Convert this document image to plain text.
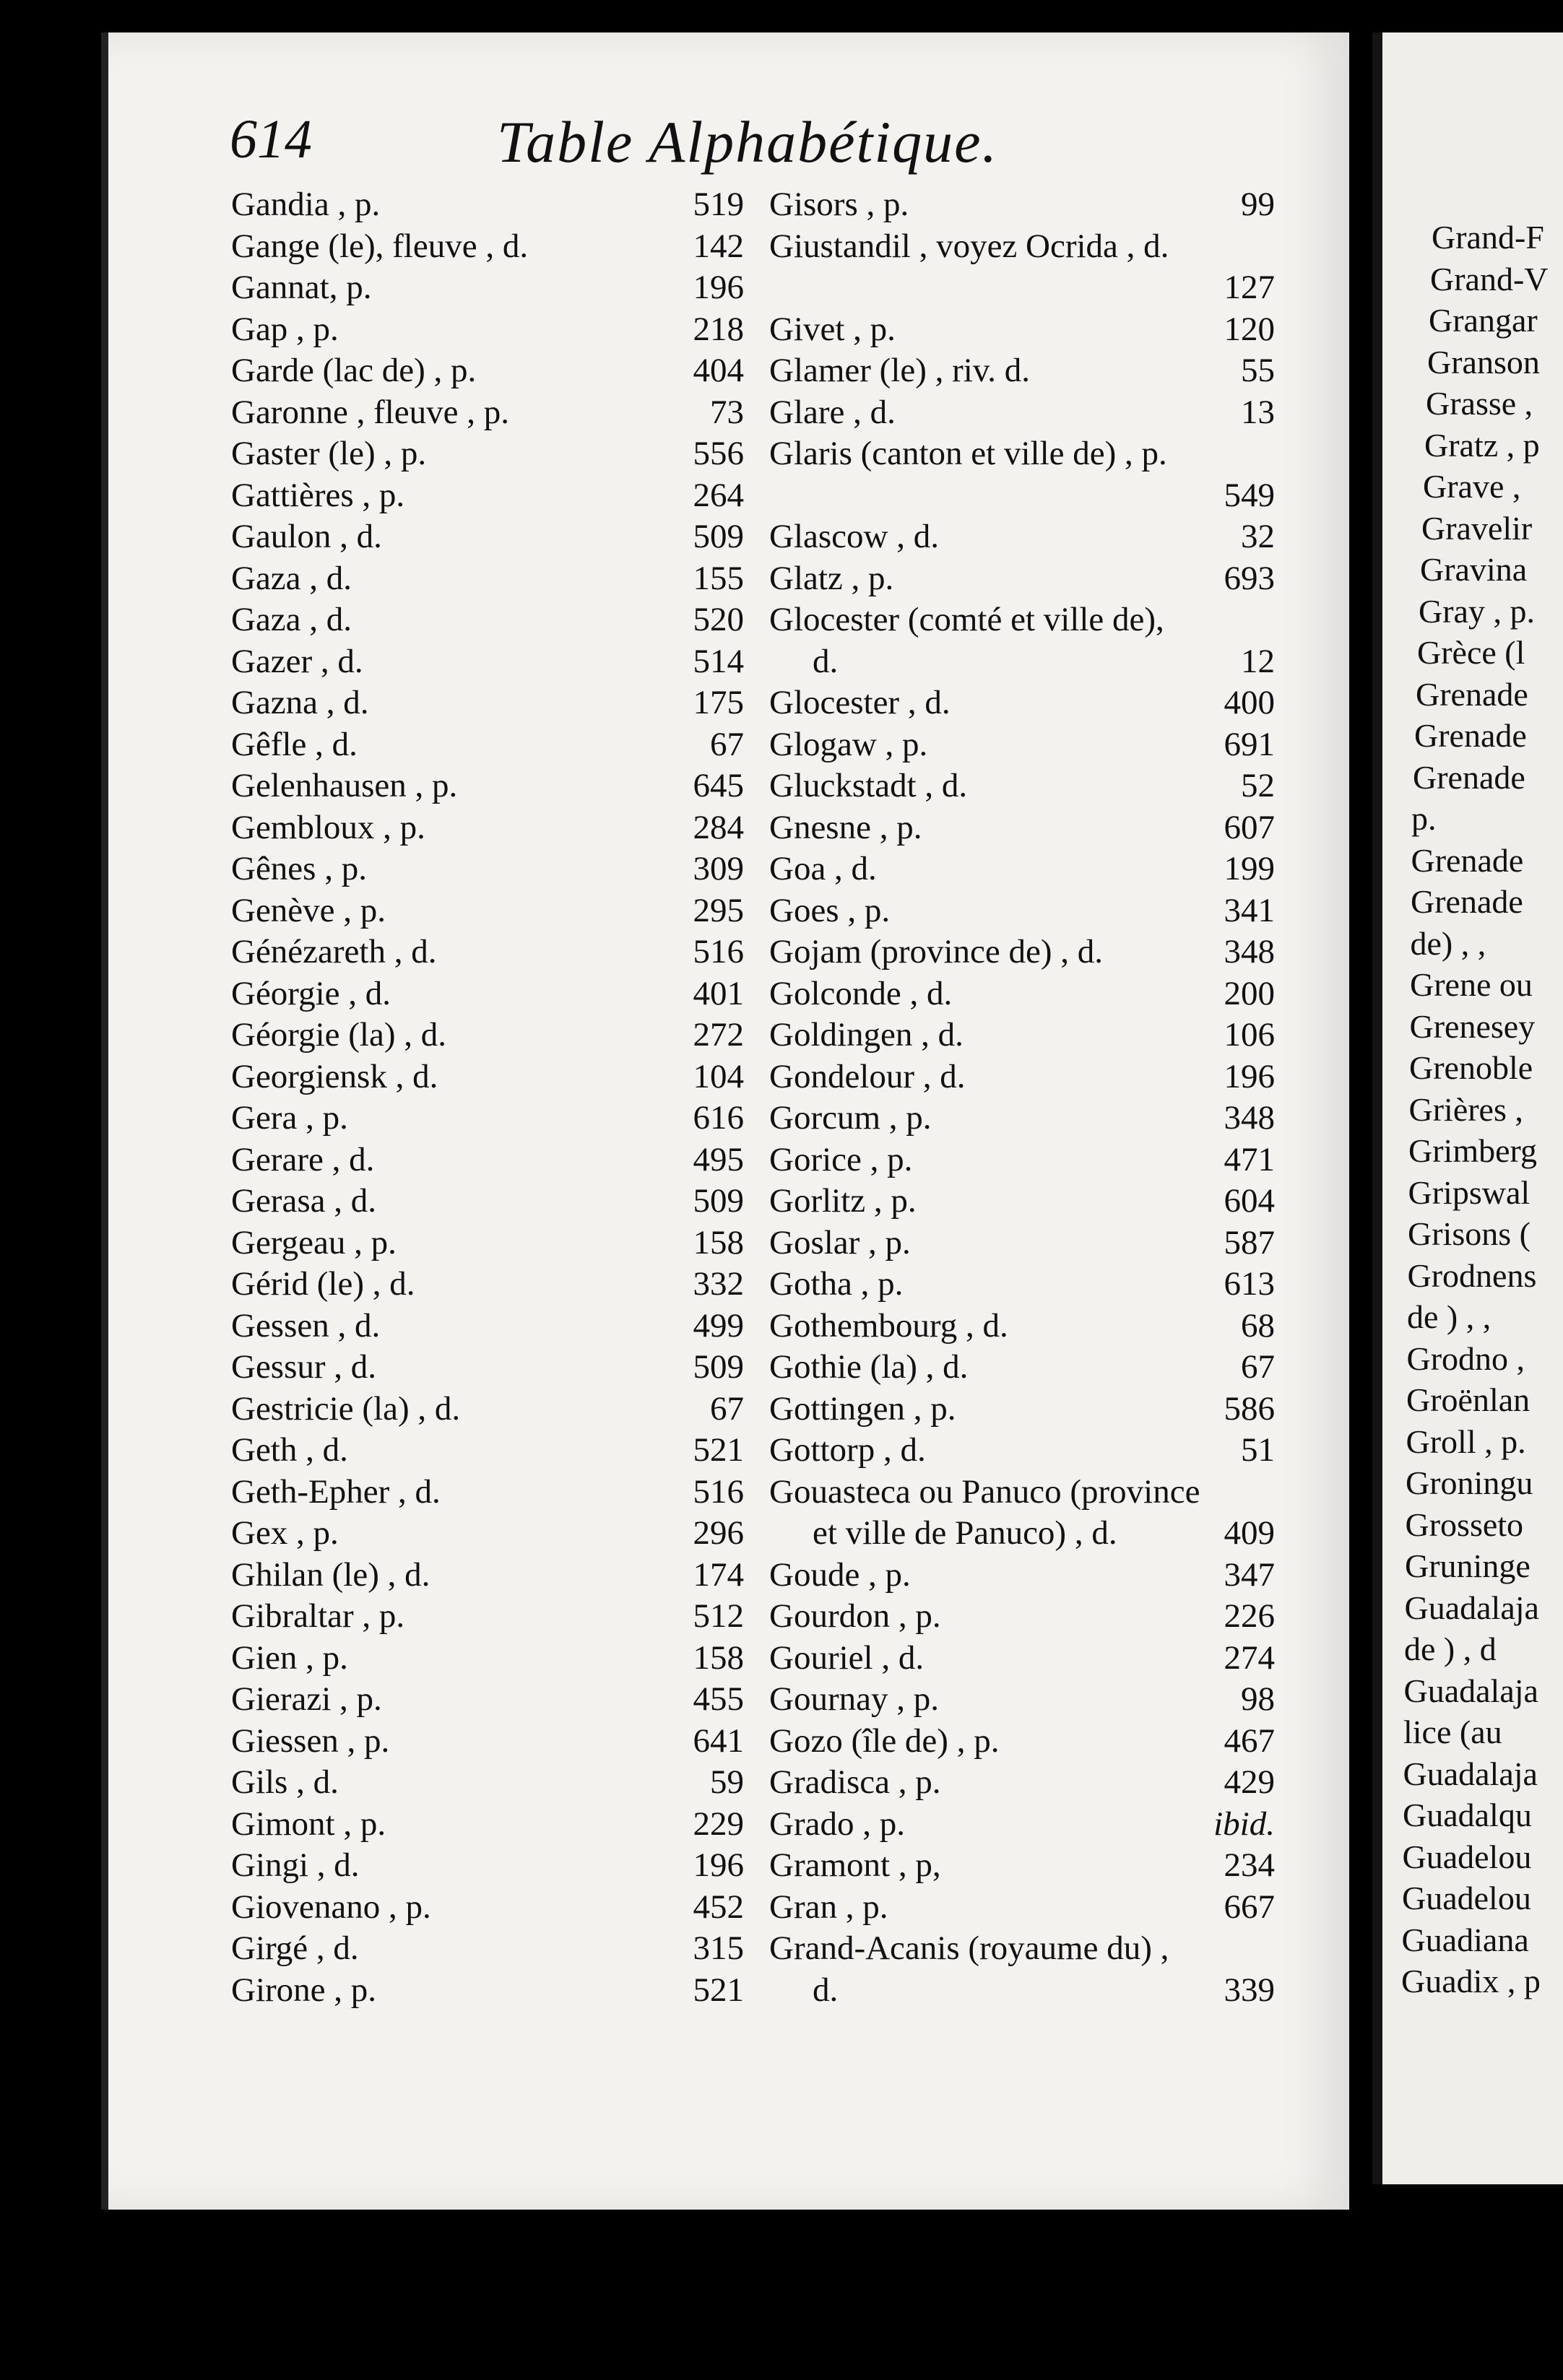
Grand-F
Grand-V
Grangar
Granson
Grasse ,
Gratz , p
Grave ,
Gravelir
Gravina
Gray , p.
Grèce (l
Grenade
Grenade
Grenade
p.
Grenade
Grenade
de) , ,
Grene ou
Grenesey
Grenoble
Grières ,
Grimberg
Gripswal
Grisons (
Grodnens
de ) , ,
Grodno ,
Groënlan
Groll , p.
Groningu
Grosseto
Gruninge
Guadalaja
de ) , d
Guadalaja
lice (au
Guadalaja
Guadalqu
Guadelou
Guadelou
Guadiana
Guadix , p
614	Table Alphabétique.
Gandia , p.	519
Gange (le), fleuve , d.	142
Gannat, p.	196
Gap , p.	218
Garde (lac de) , p.	404
Garonne , fleuve , p.	73
Gaster (le) , p.	556
Gattières , p.	264
Gaulon , d.	509
Gaza , d.	155
Gaza , d.	520
Gazer , d.	514
Gazna , d.	175
Gêfle , d.	67
Gelenhausen , p.	645
Gembloux , p.	284
Gênes , p.	309
Genève , p.	295
Génézareth , d.	516
Géorgie , d.	401
Géorgie (la) , d.	272
Georgiensk , d.	104
Gera , p.	616
Gerare , d.	495
Gerasa , d.	509
Gergeau , p.	158
Gérid (le) , d.	332
Gessen , d.	499
Gessur , d.	509
Gestricie (la) , d.	67
Geth , d.	521
Geth-Epher , d.	516
Gex , p.	296
Ghilan (le) , d.	174
Gibraltar , p.	512
Gien , p.	158
Gierazi , p.	455
Giessen , p.	641
Gils , d.	59
Gimont , p.	229
Gingi , d.	196
Giovenano , p.	452
Girgé , d.	315
Girone , p.	521
Gisors , p.	99
Giustandil , voyez Ocrida , d.
127
Givet , p.	120
Glamer (le) , riv. d.	55
Glare , d.	13
Glaris (canton et ville de) , p.
549
Glascow , d.	32
Glatz , p.	693
Glocester (comté et ville de),
d.	12
Glocester , d.	400
Glogaw , p.	691
Gluckstadt , d.	52
Gnesne , p.	607
Goa , d.	199
Goes , p.	341
Gojam (province de) , d.	348
Golconde , d.	200
Goldingen , d.	106
Gondelour , d.	196
Gorcum , p.	348
Gorice , p.	471
Gorlitz , p.	604
Goslar , p.	587
Gotha , p.	613
Gothembourg , d.	68
Gothie (la) , d.	67
Gottingen , p.	586
Gottorp , d.	51
Gouasteca ou Panuco (province
et ville de Panuco) , d.	409
Goude , p.	347
Gourdon , p.	226
Gouriel , d.	274
Gournay , p.	98
Gozo (île de) , p.	467
Gradisca , p.	429
Grado , p.	ibid.
Gramont , p,	234
Gran , p.	667
Grand-Acanis (royaume du) ,
d.	339
